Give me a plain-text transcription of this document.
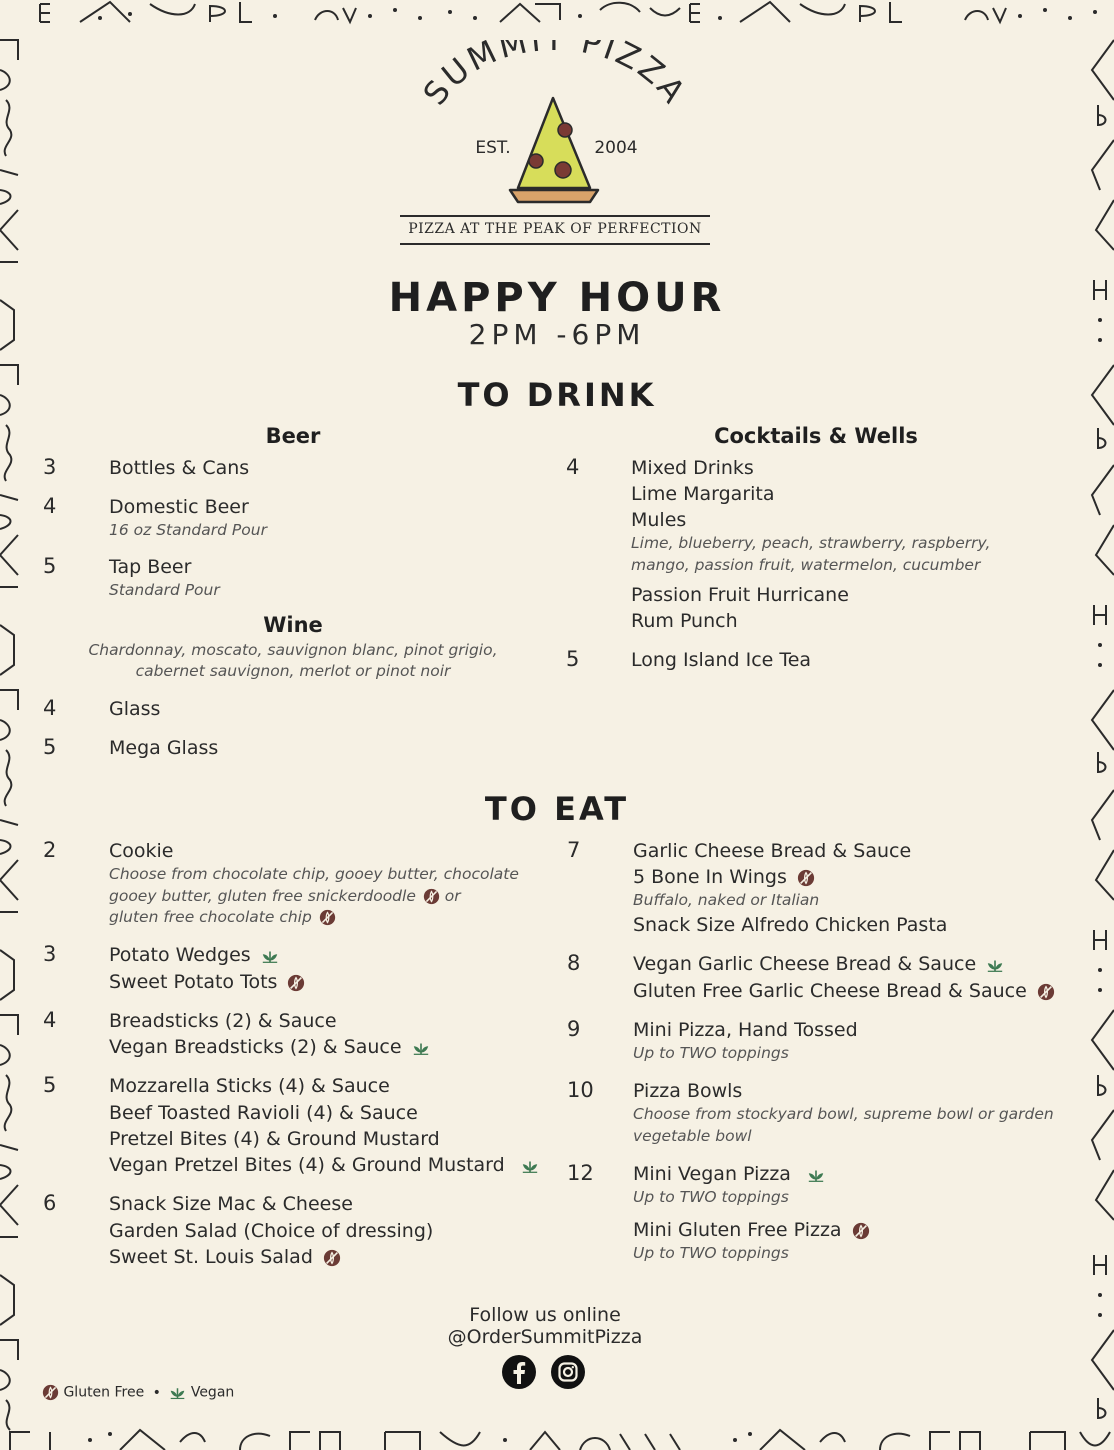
SUMM PIZZA
EST.	2004
PIZZA AT THE PEAK OF PERFECTION
HAPPY HOUR
2PM -6PM
TO DRINK
Beer
3	Bottles & Cans
4	Domestic Beer
16 oz Standard Pour
5	Tap Beer
Standard Pour
Wine
Chardonnay, moscato, sauvignon blanc, pinot grigio,
cabernet sauvignon, merlot or pinot noir
4	Glass
5	Mega Glass
Cocktails & Wells
4	Mixed Drinks
Lime Margarita
Mules
Lime, blueberry, peach, strawberry, raspberry,
mango, passion fruit, watermelon, cucumber
Passion Fruit Hurricane
Rum Punch
5	Long Island Ice Tea
TO EAT
2	Cookie
Choose from chocolate chip, gooey butter, chocolate
gooey butter, gluten free snickerdoodle or
gluten free chocolate chip
3	Potato Wedges
Sweet Potato Tots
4	Breadsticks (2) & Sauce
Vegan Breadsticks (2) & Sauce
5	Mozzarella Sticks (4) & Sauce
Beef Toasted Ravioli (4) & Sauce
Pretzel Bites (4) & Ground Mustard
Vegan Pretzel Bites (4) & Ground Mustard
6	Snack Size Mac & Cheese
Garden Salad (Choice of dressing)
Sweet St. Louis Salad
7	Garlic Cheese Bread & Sauce
5 Bone In Wings
Buffalo, naked or Italian
Snack Size Alfredo Chicken Pasta
8	Vegan Garlic Cheese Bread & Sauce
Gluten Free Garlic Cheese Bread & Sauce
9	Mini Pizza, Hand Tossed
Up to TWO toppings
10 Pizza Bowls
Choose from stockyard bowl, supreme bowl or garden
vegetable bowl
12 Mini Vegan Pizza
Up to TWO toppings
Mini Gluten Free Pizza
Up to TWO toppings
Follow us online
@OrderSummitPizza
Gluten Free • Vegan
